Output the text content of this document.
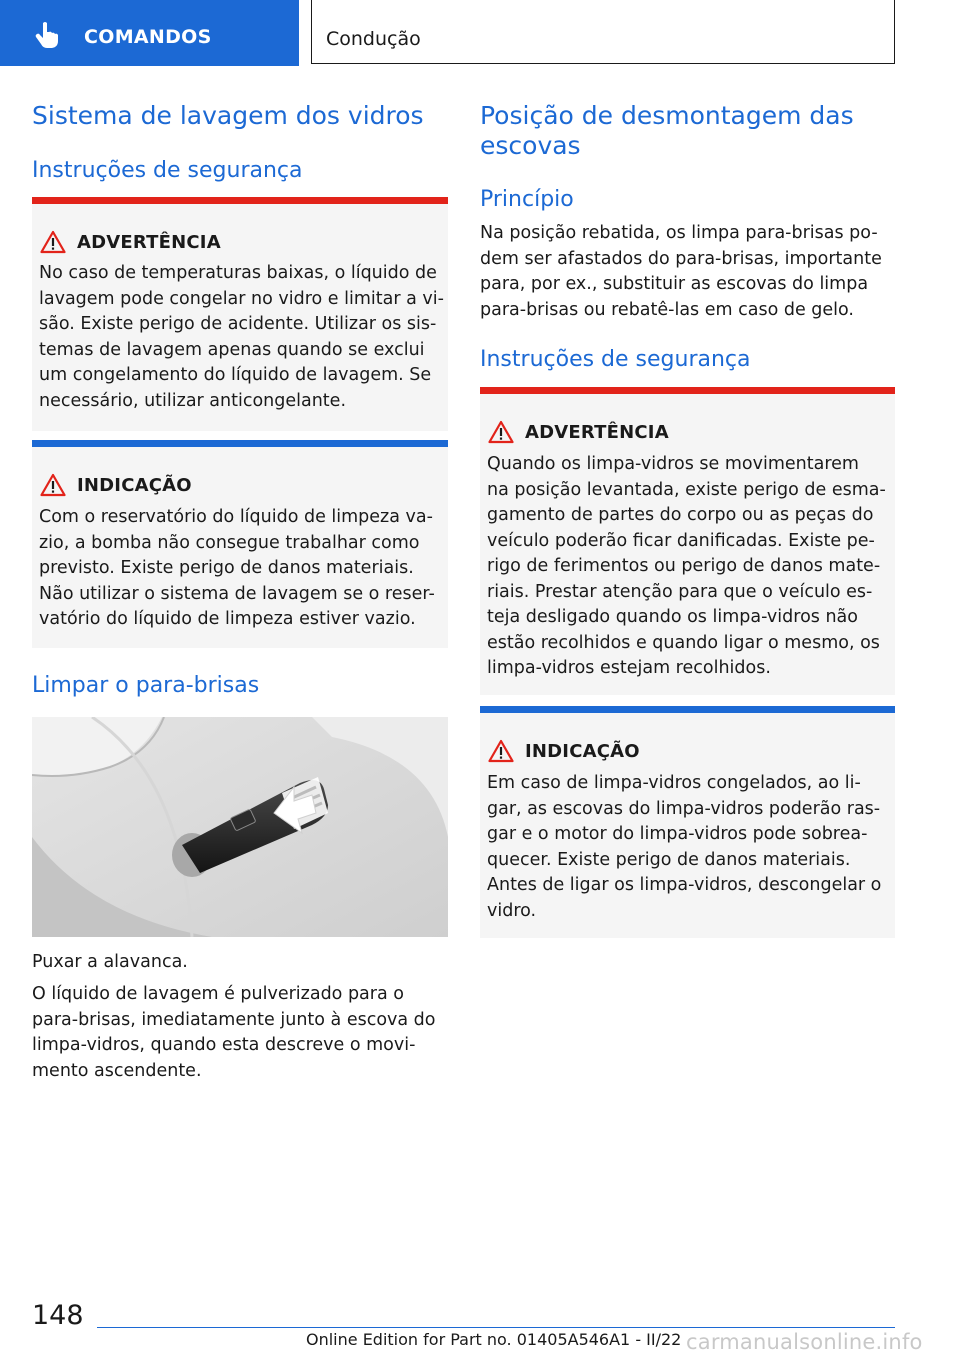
COMANDOS	Condução
Sistema de lavagem dos vidros
Instruções de segurança
ADVERTÊNCIA
No caso de temperaturas baixas, o líquido de
lavagem pode congelar no vidro e limitar a vi-
são. Existe perigo de acidente. Utilizar os sis-
temas de lavagem apenas quando se exclui
um congelamento do líquido de lavagem. Se
necessário, utilizar anticongelante.
INDICAÇÃO
Com o reservatório do líquido de limpeza va-
zio, a bomba não consegue trabalhar como
previsto. Existe perigo de danos materiais.
Não utilizar o sistema de lavagem se o reser-
vatório do líquido de limpeza estiver vazio.
Limpar o para-brisas
Puxar a alavanca.
O líquido de lavagem é pulverizado para o
para-brisas, imediatamente junto à escova do
limpa-vidros, quando esta descreve o movi-
mento ascendente.
Posição de desmontagem das
escovas
Princípio
Na posição rebatida, os limpa para-brisas po-
dem ser afastados do para-brisas, importante
para, por ex., substituir as escovas do limpa
para-brisas ou rebatê-las em caso de gelo.
Instruções de segurança
ADVERTÊNCIA
Quando os limpa-vidros se movimentarem
na posição levantada, existe perigo de esma-
gamento de partes do corpo ou as peças do
veículo poderão ficar danificadas. Existe pe-
rigo de ferimentos ou perigo de danos mate-
riais. Prestar atenção para que o veículo es-
teja desligado quando os limpa-vidros não
estão recolhidos e quando ligar o mesmo, os
limpa-vidros estejam recolhidos.
INDICAÇÃO
Em caso de limpa-vidros congelados, ao li-
gar, as escovas do limpa-vidros poderão ras-
gar e o motor do limpa-vidros pode sobrea-
quecer. Existe perigo de danos materiais.
Antes de ligar os limpa-vidros, descongelar o
vidro.
148
Online Edition for Part no. 01405A546A1 - II/22 carmanualsonline.info
